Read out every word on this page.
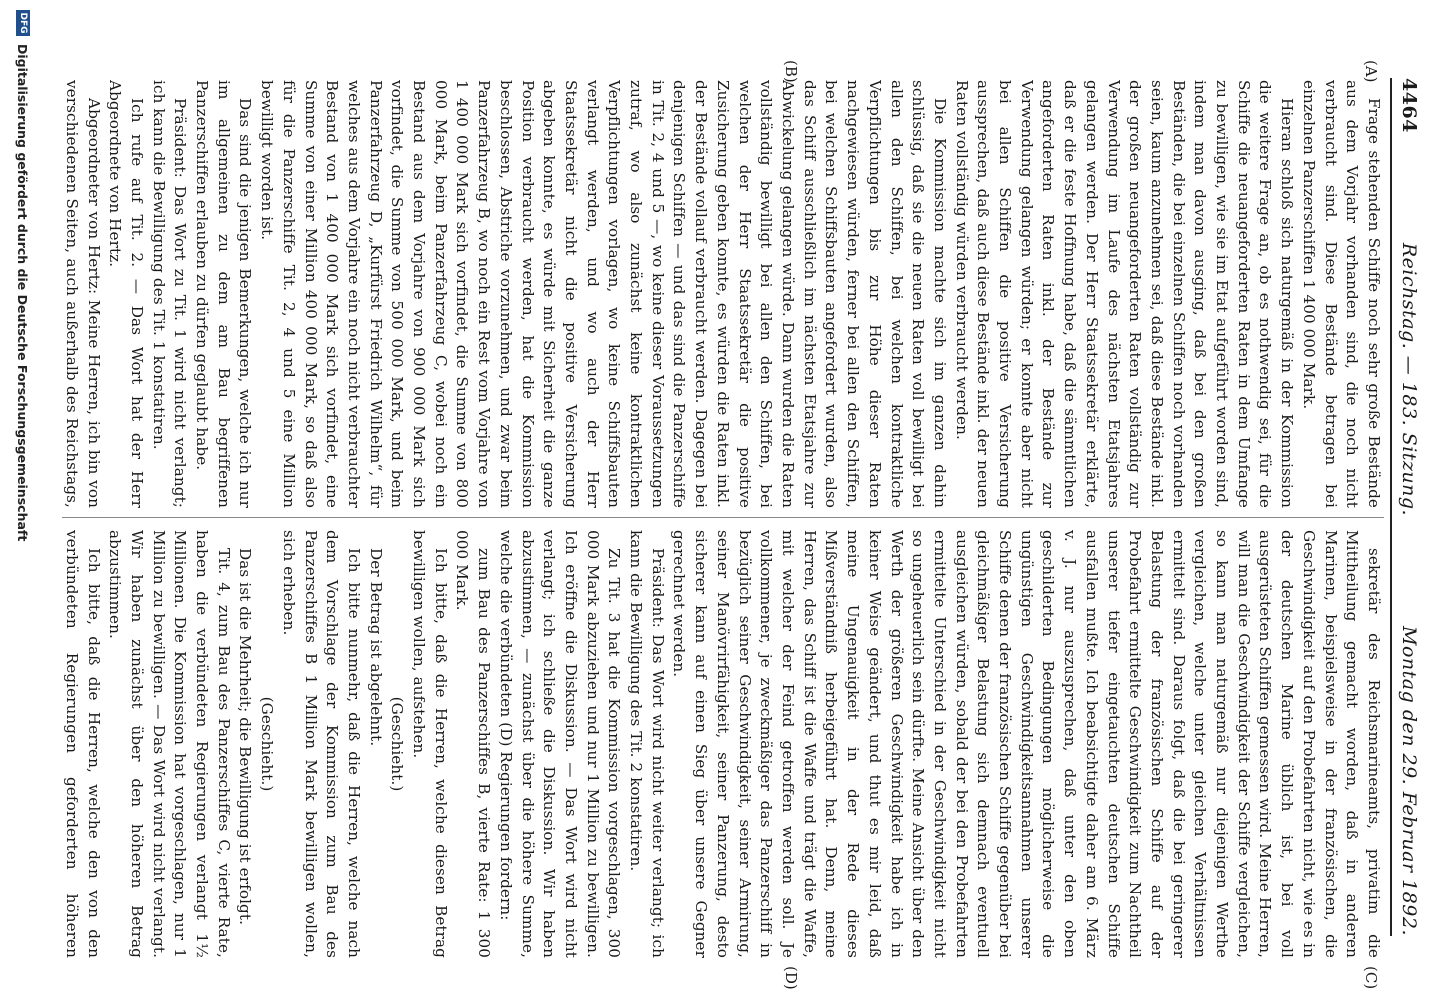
4464
Reichstag. — 183. Sitzung.
Montag den 29. Februar 1892.
(A)
(B)
(C)
(D)

Frage stehenden Schiffe noch sehr große Bestände aus dem Vorjahr vorhanden sind, die noch nicht verbraucht sind. Diese Bestände betragen bei einzelnen Panzerschiffen 1 400 000 Mark.

Hieran schloß sich naturgemäß in der Kommission die weitere Frage an, ob es nothwendig sei, für die Schiffe die neuangeforderten Raten in dem Umfange zu bewilligen, wie sie im Etat aufgeführt worden sind, indem man davon ausging, daß bei den großen Beständen, die bei einzelnen Schiffen noch vorhanden seien, kaum anzunehmen sei, daß diese Bestände inkl. der großen neuangeforderten Raten vollständig zur Verwendung im Laufe des nächsten Etatsjahres gelangen werden. Der Herr Staatssekretär erklärte, daß er die feste Hoffnung habe, daß die sämmtlichen angeforderten Raten inkl. der Bestände zur Verwendung gelangen würden; er konnte aber nicht bei allen Schiffen die positive Versicherung aussprechen, daß auch diese Bestände inkl. der neuen Raten vollständig würden verbraucht werden.

Die Kommission machte sich im ganzen dahin schlüssig, daß sie die neuen Raten voll bewilligt bei allen den Schiffen, bei welchen kontraktliche Verpflichtungen bis zur Höhe dieser Raten nachgewiesen würden, ferner bei allen den Schiffen, bei welchen Schiffsbauten angefordert wurden, also das Schiff ausschließlich im nächsten Etatsjahre zur Abwickelung gelangen würde. Dann wurden die Raten vollständig bewilligt bei allen den Schiffen, bei welchen der Herr Staatssekretär die positive Zusicherung geben konnte, es würden die Raten inkl. der Bestände vollauf verbraucht werden. Dagegen bei denjenigen Schiffen — und das sind die Panzerschiffe in Tit. 2, 4 und 5 —, wo keine dieser Voraussetzungen zutraf, wo also zunächst keine kontraktlichen Verpflichtungen vorlagen, wo keine Schiffsbauten verlangt werden, und wo auch der Herr Staatssekretär nicht die positive Versicherung abgeben konnte, es würde mit Sicherheit die ganze Position verbraucht werden, hat die Kommission beschlossen, Abstriche vorzunehmen, und zwar beim Panzerfahrzeug B, wo noch ein Rest vom Vorjahre von 1 400 000 Mark sich vorfindet, die Summe von 800 000 Mark, beim Panzerfahrzeug C, wobei noch ein Bestand aus dem Vorjahre von 900 000 Mark sich vorfindet, die Summe von 500 000 Mark, und beim Panzerfahrzeug D, „Kurfürst Friedrich Wilhelm“, für welches aus dem Vorjahre ein noch nicht verbrauchter Bestand von 1 400 000 Mark sich vorfindet, eine Summe von einer Million 400 000 Mark, so daß also für die Panzerschiffe Tit. 2, 4 und 5 eine Million bewilligt worden ist.

Das sind die jenigen Bemerkungen, welche ich nur im allgemeinen zu dem am Bau begriffenen Panzerschiffen erlauben zu dürfen geglaubt habe.

Präsident: Das Wort zu Tit. 1 wird nicht verlangt; ich kann die Bewilligung des Tit. 1 konstatiren.

Ich rufe auf Tit. 2. — Das Wort hat der Herr Abgeordnete von Hertz.

Abgeordneter von Hertz: Meine Herren, ich bin von verschiedenen Seiten, auch außerhalb des Reichstags,

sekretär des Reichsmarineamts, privatim die Mittheilung gemacht worden, daß in anderen Marinen, beispielsweise in der französischen, die Geschwindigkeit auf den Probefahrten nicht, wie es in der deutschen Marine üblich ist, bei voll ausgerüsteten Schiffen gemessen wird. Meine Herren, will man die Geschwindigkeit der Schiffe vergleichen, so kann man naturgemäß nur diejenigen Werthe vergleichen, welche unter gleichen Verhältnissen ermittelt sind. Daraus folgt, daß die bei geringerer Belastung der französischen Schiffe auf der Probefahrt ermittelte Geschwindigkeit zum Nachtheil unserer tiefer eingetauchten deutschen Schiffe ausfallen mußte. Ich beabsichtigte daher am 6. März v. J. nur auszusprechen, daß unter den oben geschilderten Bedingungen möglicherweise die ungünstigen Geschwindigkeitsannahmen unserer Schiffe denen der französischen Schiffe gegenüber bei gleichmäßiger Belastung sich demnach eventuell ausgleichen würden, sobald der bei den Probefahrten ermittelte Unterschied in der Geschwindigkeit nicht so ungeheuerlich sein dürfte. Meine Ansicht über den Werth der größeren Geschwindigkeit habe ich in keiner Weise geändert, und thut es mir leid, daß meine Ungenauigkeit in der Rede dieses Mißverständniß herbeigeführt hat. Denn, meine Herren, das Schiff ist die Waffe und trägt die Waffe, mit welcher der Feind getroffen werden soll. Je vollkommener, je zweckmäßiger das Panzerschiff in bezüglich seiner Geschwindigkeit, seiner Armirung, seiner Manövrirfähigkeit, seiner Panzerung, desto sicherer kann auf einen Sieg über unsere Gegner gerechnet werden.

Präsident: Das Wort wird nicht weiter verlangt; ich kann die Bewilligung des Tit. 2 konstatiren.

Zu Tit. 3 hat die Kommission vorgeschlagen, 300 000 Mark abzuziehen und nur 1 Million zu bewilligen. Ich eröffne die Diskussion. — Das Wort wird nicht verlangt; ich schließe die Diskussion. Wir haben abzustimmen, — zunächst über die höhere Summe, welche die verbündeten (D) Regierungen fordern:

zum Bau des Panzerschiffes B, vierte Rate: 1 300 000 Mark.

Ich bitte, daß die Herren, welche diesen Betrag bewilligen wollen, aufstehen.

(Geschieht.)

Der Betrag ist abgelehnt.

Ich bitte nunmehr, daß die Herren, welche nach dem Vorschlage der Kommission zum Bau des Panzerschiffes B 1 Million Mark bewilligen wollen, sich erheben.

(Geschieht.)

Das ist die Mehrheit; die Bewilligung ist erfolgt.

Tit. 4, zum Bau des Panzerschiffes C, vierte Rate, haben die verbündeten Regierungen verlangt 1½ Millionen. Die Kommission hat vorgeschlagen, nur 1 Million zu bewilligen. — Das Wort wird nicht verlangt. Wir haben zunächst über den höheren Betrag abzustimmen.

Ich bitte, daß die Herren, welche den von den verbündeten Regierungen geforderten höheren

DFG
Digitalisierung gefördert durch die Deutsche Forschungsgemeinschaft
